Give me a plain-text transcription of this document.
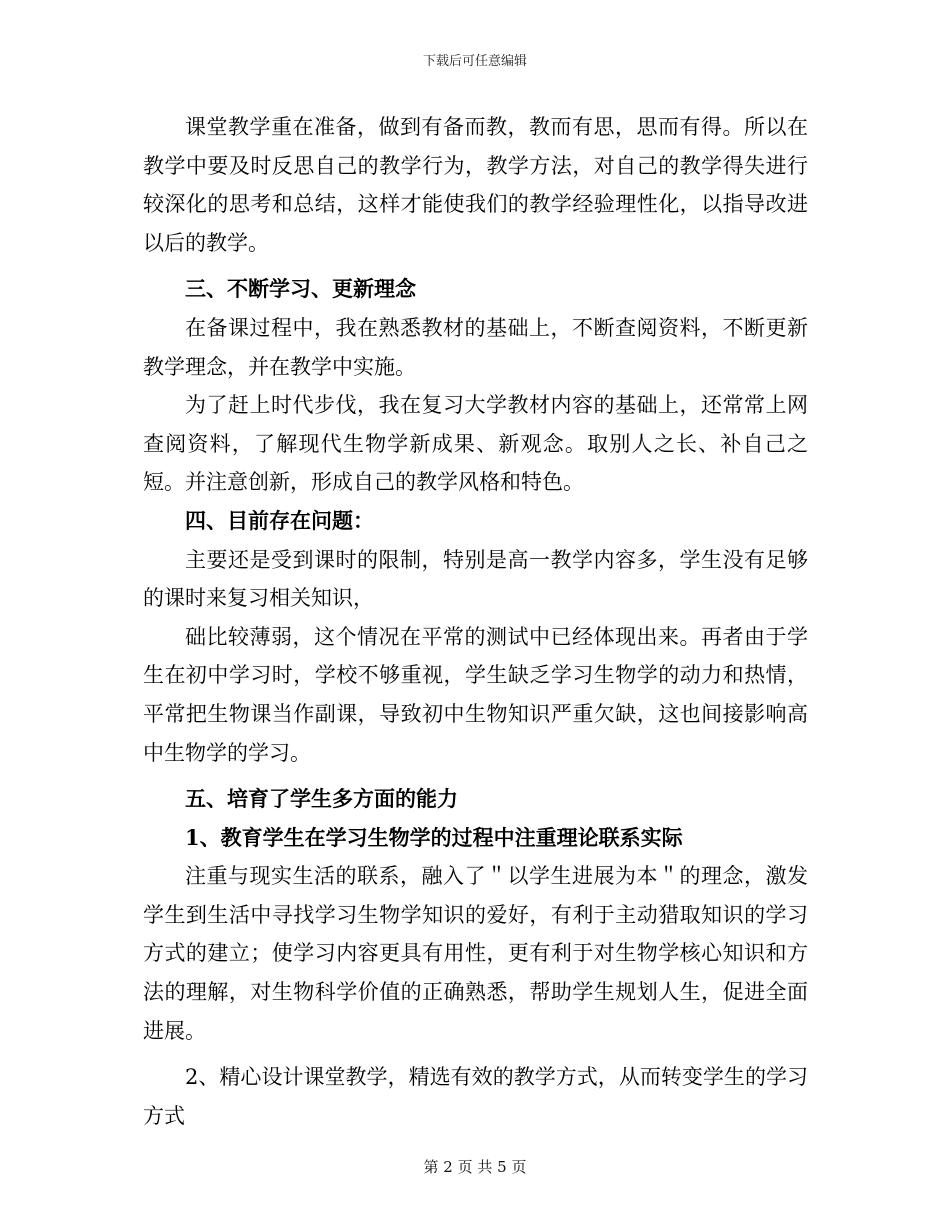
下载后可任意编辑

课堂教学重在准备，做到有备而教，教而有思，思而有得。所以在教学中要及时反思自己的教学行为，教学方法，对自己的教学得失进行较深化的思考和总结，这样才能使我们的教学经验理性化，以指导改进以后的教学。

三、不断学习、更新理念

在备课过程中，我在熟悉教材的基础上，不断查阅资料，不断更新教学理念，并在教学中实施。

为了赶上时代步伐，我在复习大学教材内容的基础上，还常常上网查阅资料，了解现代生物学新成果、新观念。取别人之长、补自己之短。并注意创新，形成自己的教学风格和特色。

四、目前存在问题：

主要还是受到课时的限制，特别是高一教学内容多，学生没有足够的课时来复习相关知识，

础比较薄弱，这个情况在平常的测试中已经体现出来。再者由于学生在初中学习时，学校不够重视，学生缺乏学习生物学的动力和热情，平常把生物课当作副课，导致初中生物知识严重欠缺，这也间接影响高中生物学的学习。

五、培育了学生多方面的能力
1、教育学生在学习生物学的过程中注重理论联系实际

注重与现实生活的联系，融入了＂以学生进展为本＂的理念，激发学生到生活中寻找学习生物学知识的爱好，有利于主动猎取知识的学习方式的建立；使学习内容更具有用性，更有利于对生物学核心知识和方法的理解，对生物科学价值的正确熟悉，帮助学生规划人生，促进全面进展。

2、精心设计课堂教学，精选有效的教学方式，从而转变学生的学习方式

第 2 页 共 5 页
